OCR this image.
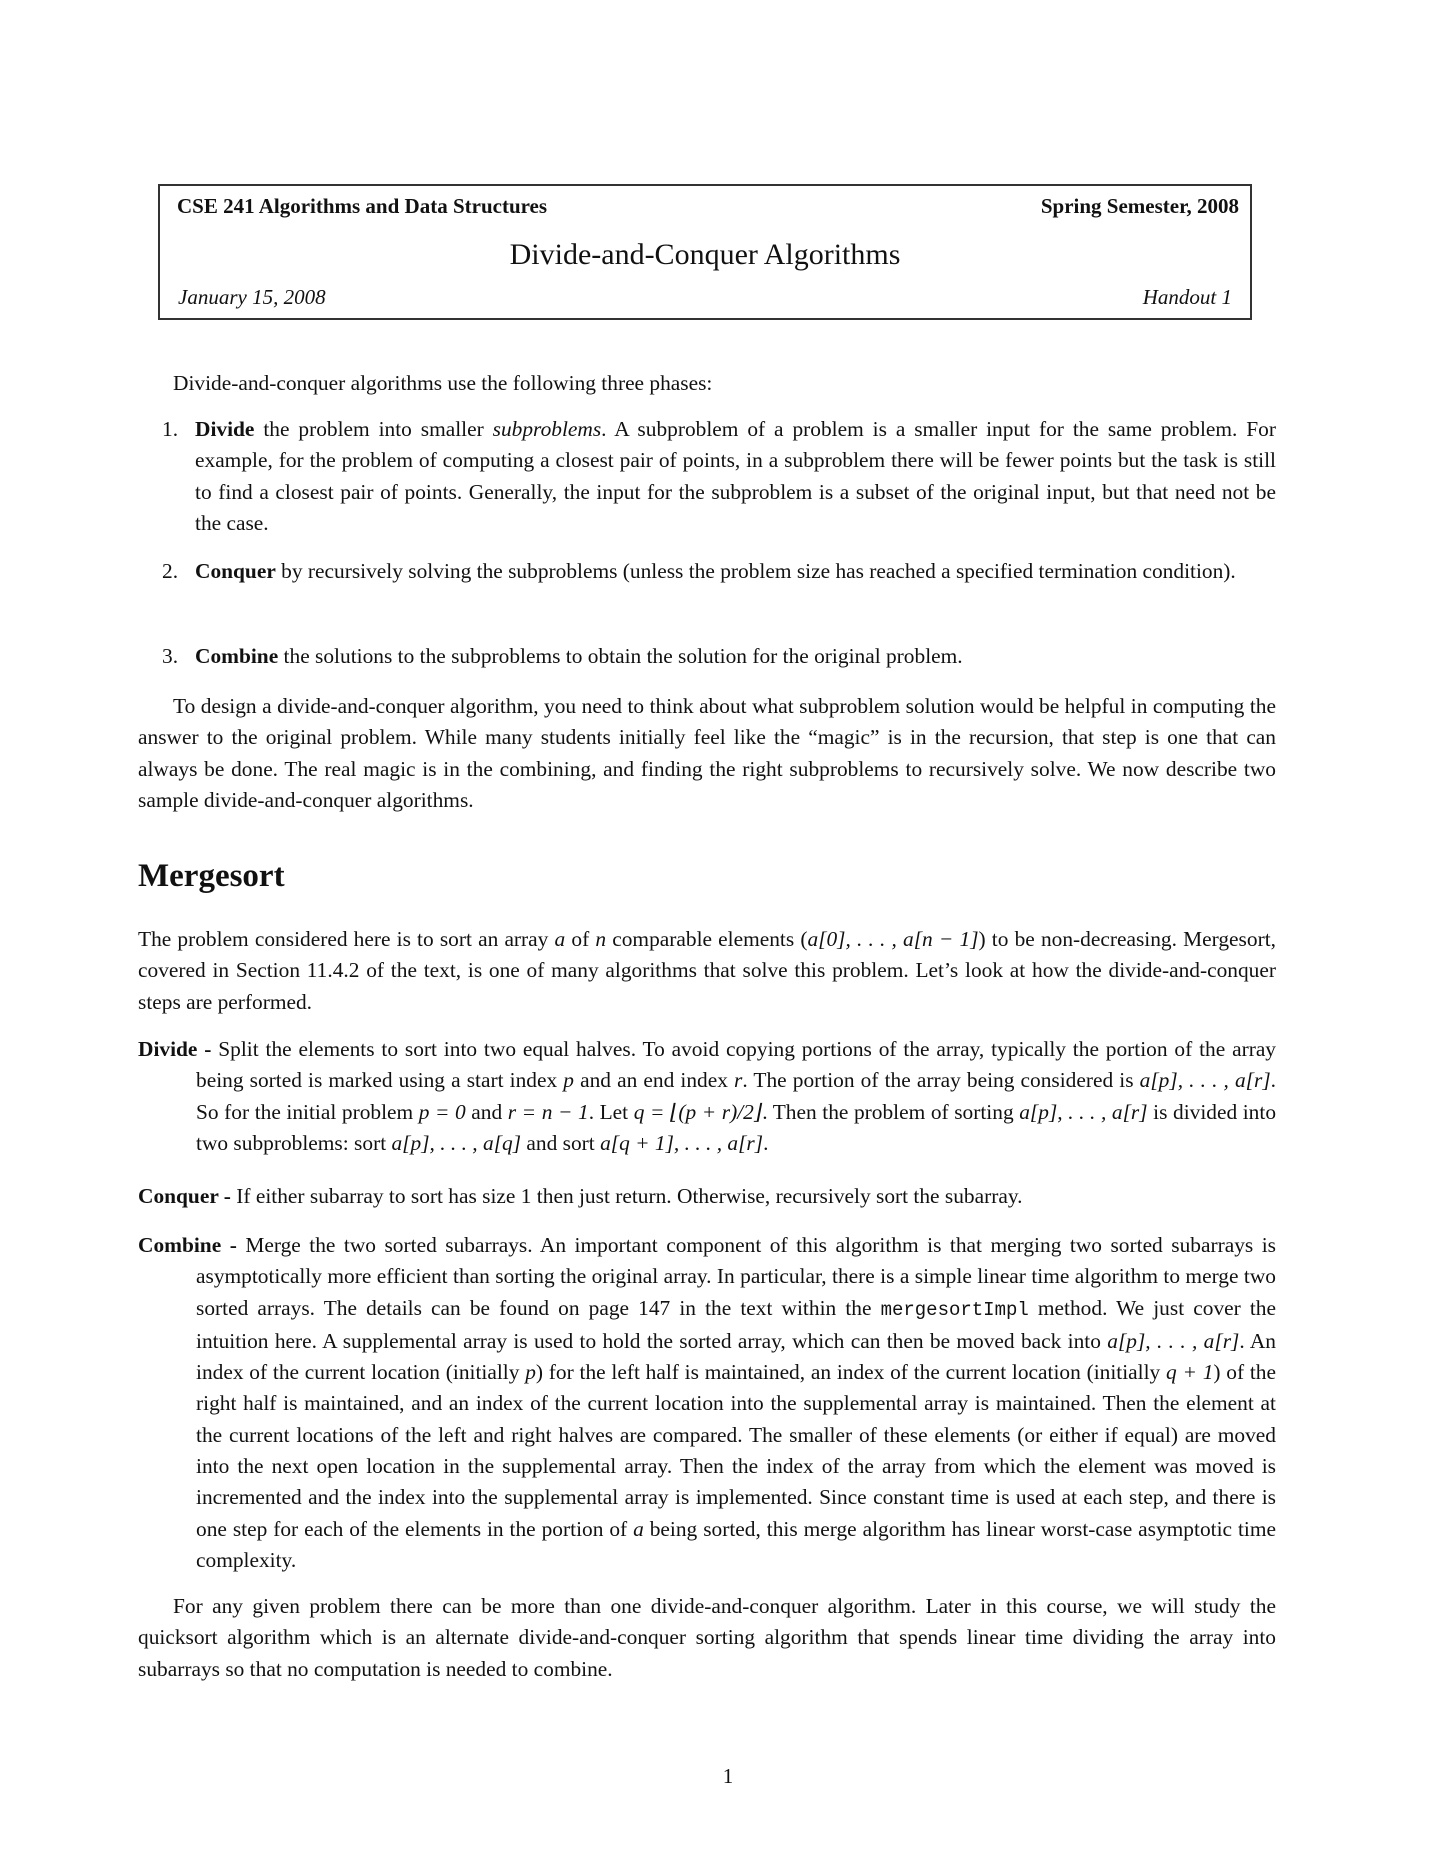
CSE 241 Algorithms and Data Structures	Spring Semester, 2008
Divide-and-Conquer Algorithms
January 15, 2008	Handout 1

Divide-and-conquer algorithms use the following three phases:

1. Divide the problem into smaller subproblems. A subproblem of a problem is a smaller input for the same problem. For example, for the problem of computing a closest pair of points, in a subproblem there will be fewer points but the task is still to find a closest pair of points. Generally, the input for the subproblem is a subset of the original input, but that need not be the case.
2. Conquer by recursively solving the subproblems (unless the problem size has reached a specified termination condition).
3. Combine the solutions to the subproblems to obtain the solution for the original problem.

To design a divide-and-conquer algorithm, you need to think about what subproblem solution would be helpful in computing the answer to the original problem. While many students initially feel like the “magic” is in the recursion, that step is one that can always be done. The real magic is in the combining, and finding the right subproblems to recursively solve. We now describe two sample divide-and-conquer algorithms.

Mergesort

The problem considered here is to sort an array a of n comparable elements (a[0], . . . , a[n − 1]) to be non-decreasing. Mergesort, covered in Section 11.4.2 of the text, is one of many algorithms that solve this problem. Let’s look at how the divide-and-conquer steps are performed.

Divide - Split the elements to sort into two equal halves. To avoid copying portions of the array, typically the portion of the array being sorted is marked using a start index p and an end index r. The portion of the array being considered is a[p], . . . , a[r]. So for the initial problem p = 0 and r = n − 1. Let q = ⌊(p + r)/2⌋. Then the problem of sorting a[p], . . . , a[r] is divided into two subproblems: sort a[p], . . . , a[q] and sort a[q + 1], . . . , a[r].
Conquer - If either subarray to sort has size 1 then just return. Otherwise, recursively sort the subarray.
Combine - Merge the two sorted subarrays. An important component of this algorithm is that merging two sorted subarrays is asymptotically more efficient than sorting the original array. In particular, there is a simple linear time algorithm to merge two sorted arrays. The details can be found on page 147 in the text within the mergesortImpl method. We just cover the intuition here. A supplemental array is used to hold the sorted array, which can then be moved back into a[p], . . . , a[r]. An index of the current location (initially p) for the left half is maintained, an index of the current location (initially q + 1) of the right half is maintained, and an index of the current location into the supplemental array is maintained. Then the element at the current locations of the left and right halves are compared. The smaller of these elements (or either if equal) are moved into the next open location in the supplemental array. Then the index of the array from which the element was moved is incremented and the index into the supplemental array is implemented. Since constant time is used at each step, and there is one step for each of the elements in the portion of a being sorted, this merge algorithm has linear worst-case asymptotic time complexity.

For any given problem there can be more than one divide-and-conquer algorithm. Later in this course, we will study the quicksort algorithm which is an alternate divide-and-conquer sorting algorithm that spends linear time dividing the array into subarrays so that no computation is needed to combine.

1
